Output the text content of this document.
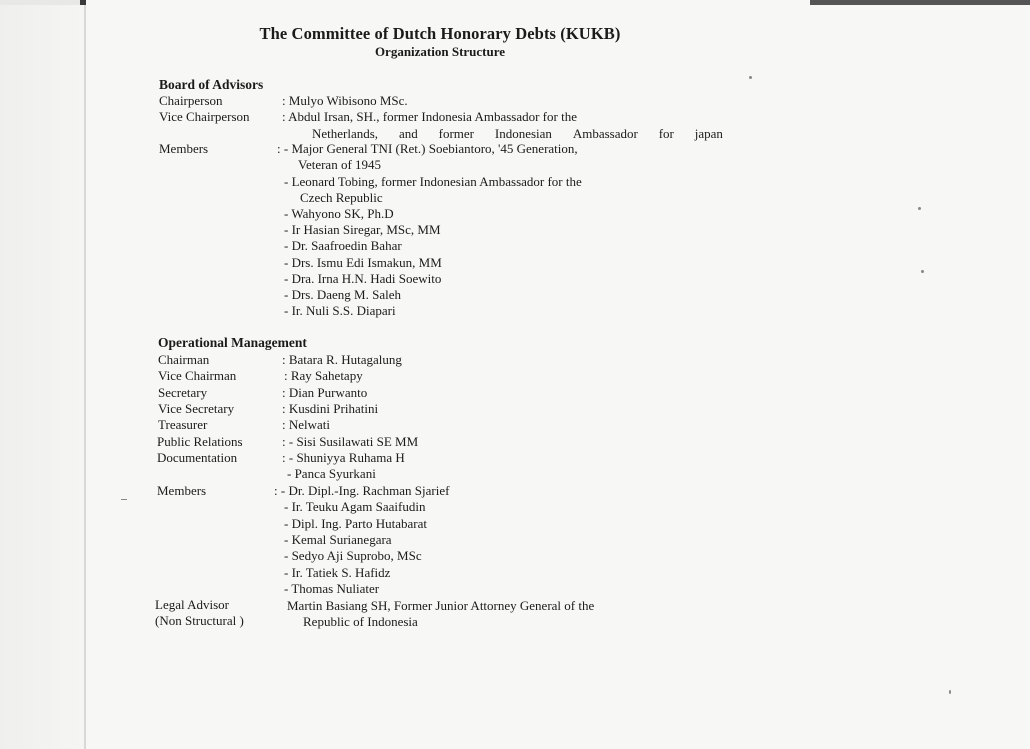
The Committee of Dutch Honorary Debts (KUKB)
Organization Structure
Board of Advisors
Chairperson	: Mulyo Wibisono MSc.
Vice Chairperson : Abdul Irsan, SH., former Indonesia Ambassador for the
Netherlands, and former Indonesian Ambassador for japan
Members	: - Major General TNI (Ret.) Soebiantoro, '45 Generation,
Veteran of 1945
- Leonard Tobing, former Indonesian Ambassador for the
Czech Republic
- Wahyono SK, Ph.D
- Ir Hasian Siregar, MSc, MM
- Dr. Saafroedin Bahar
- Drs. Ismu Edi Ismakun, MM
- Dra. Irna H.N. Hadi Soewito
- Drs. Daeng M. Saleh
- Ir. Nuli S.S. Diapari
Operational Management
Chairman	: Batara R. Hutagalung
Vice Chairman	: Ray Sahetapy
Secretary	: Dian Purwanto
Vice Secretary	: Kusdini Prihatini
Treasurer	: Nelwati
Public Relations	: - Sisi Susilawati SE MM
Documentation	: - Shuniyya Ruhama H
- Panca Syurkani
Members	: - Dr. Dipl.-Ing. Rachman Sjarief
- Ir. Teuku Agam Saaifudin
- Dipl. Ing. Parto Hutabarat
- Kemal Surianegara
- Sedyo Aji Suprobo, MSc
- Ir. Tatiek S. Hafidz
- Thomas Nuliater
Legal Advisor	Martin Basiang SH, Former Junior Attorney General of the
(Non Structural )	Republic of Indonesia
